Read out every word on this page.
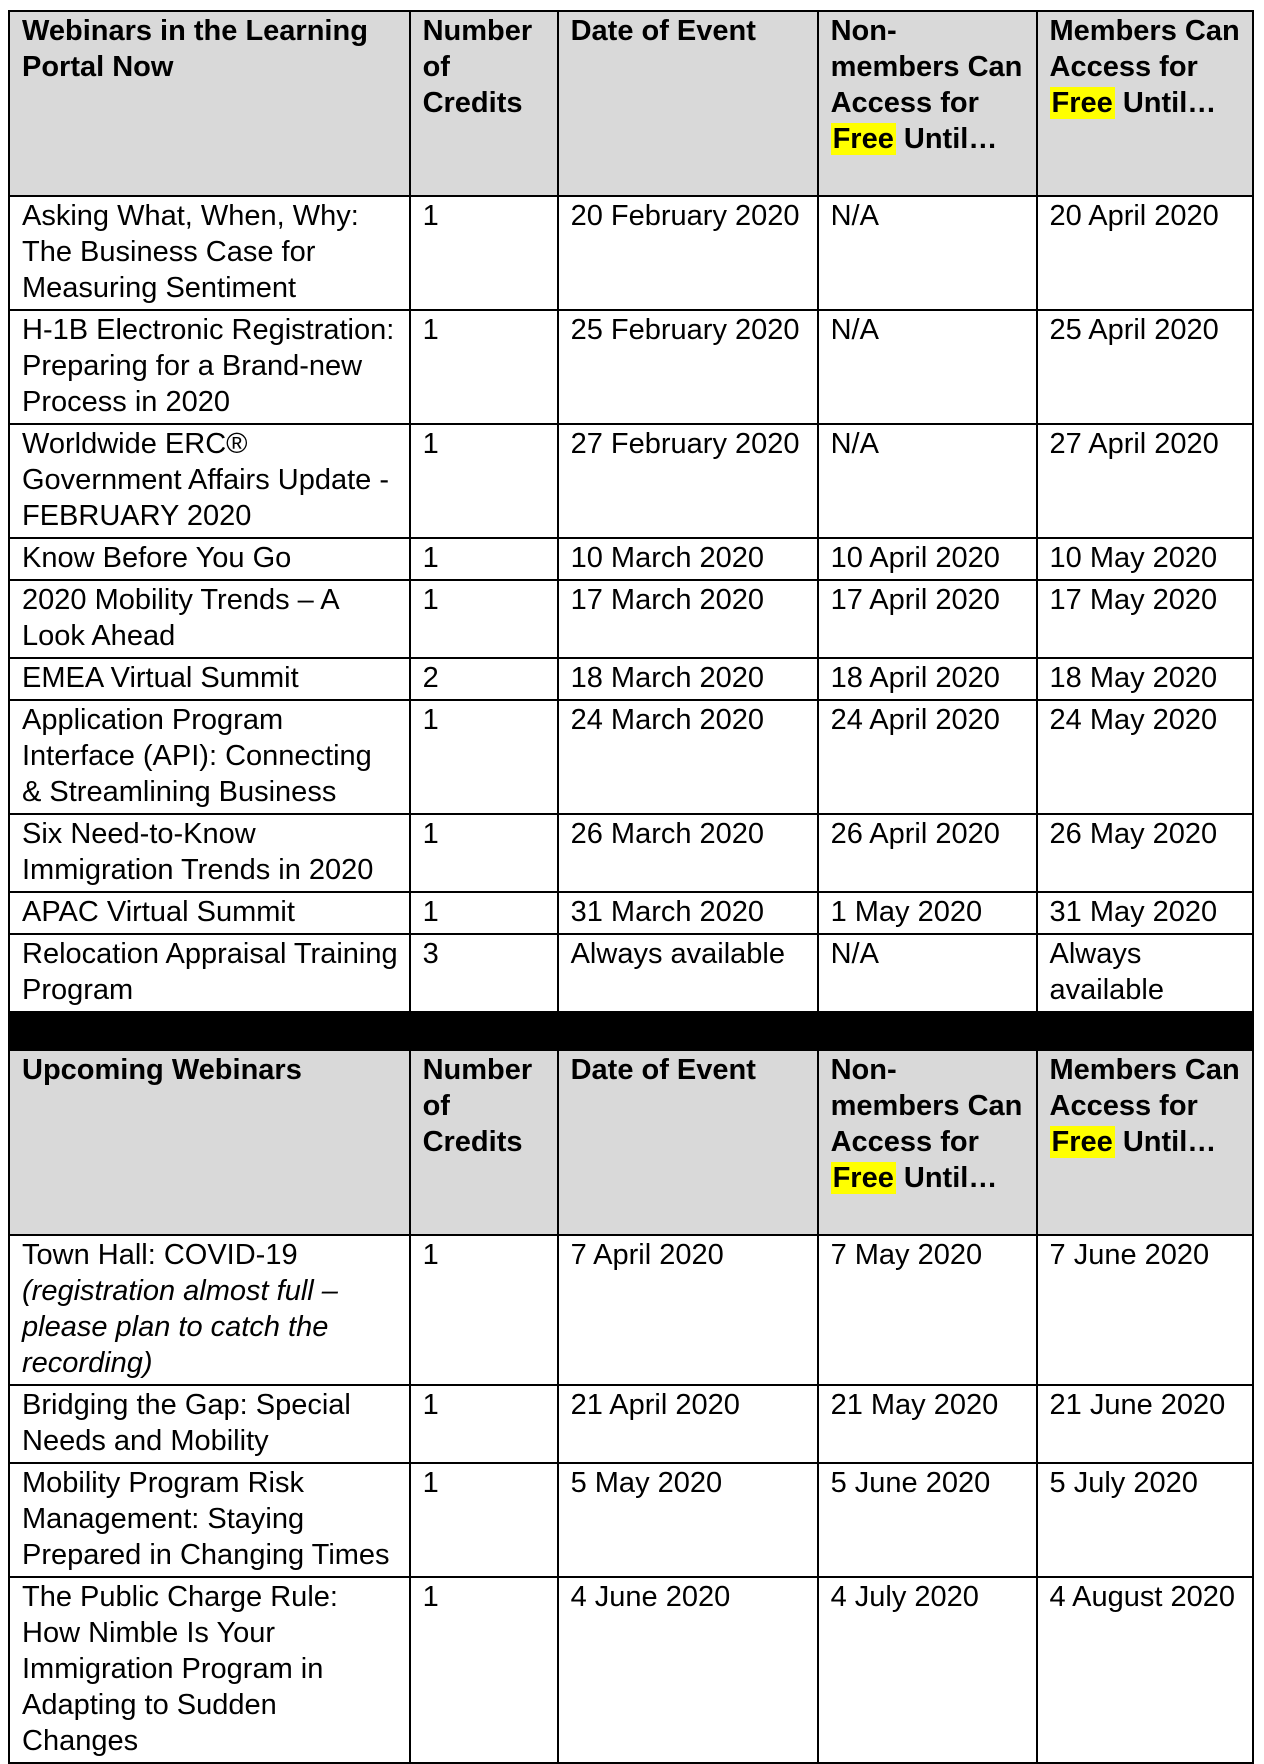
Webinars in the Learning Portal Now	Number of Credits	Date of Event	Non-members Can Access for Free Until…	Members Can Access for Free Until…
Asking What, When, Why: The Business Case for Measuring Sentiment	1	20 February 2020	N/A	20 April 2020
H-1B Electronic Registration: Preparing for a Brand-new Process in 2020	1	25 February 2020	N/A	25 April 2020
Worldwide ERC® Government Affairs Update - FEBRUARY 2020	1	27 February 2020	N/A	27 April 2020
Know Before You Go	1	10 March 2020	10 April 2020	10 May 2020
2020 Mobility Trends – A Look Ahead	1	17 March 2020	17 April 2020	17 May 2020
EMEA Virtual Summit	2	18 March 2020	18 April 2020	18 May 2020
Application Program Interface (API): Connecting & Streamlining Business	1	24 March 2020	24 April 2020	24 May 2020
Six Need-to-Know Immigration Trends in 2020	1	26 March 2020	26 April 2020	26 May 2020
APAC Virtual Summit	1	31 March 2020	1 May 2020	31 May 2020
Relocation Appraisal Training Program	3	Always available	N/A	Always available
Upcoming Webinars	Number of Credits	Date of Event	Non-members Can Access for Free Until…	Members Can Access for Free Until…
Town Hall: COVID-19 (registration almost full – please plan to catch the recording)	1	7 April 2020	7 May 2020	7 June 2020
Bridging the Gap: Special Needs and Mobility	1	21 April 2020	21 May 2020	21 June 2020
Mobility Program Risk Management: Staying Prepared in Changing Times	1	5 May 2020	5 June 2020	5 July 2020
The Public Charge Rule: How Nimble Is Your Immigration Program in Adapting to Sudden Changes	1	4 June 2020	4 July 2020	4 August 2020
